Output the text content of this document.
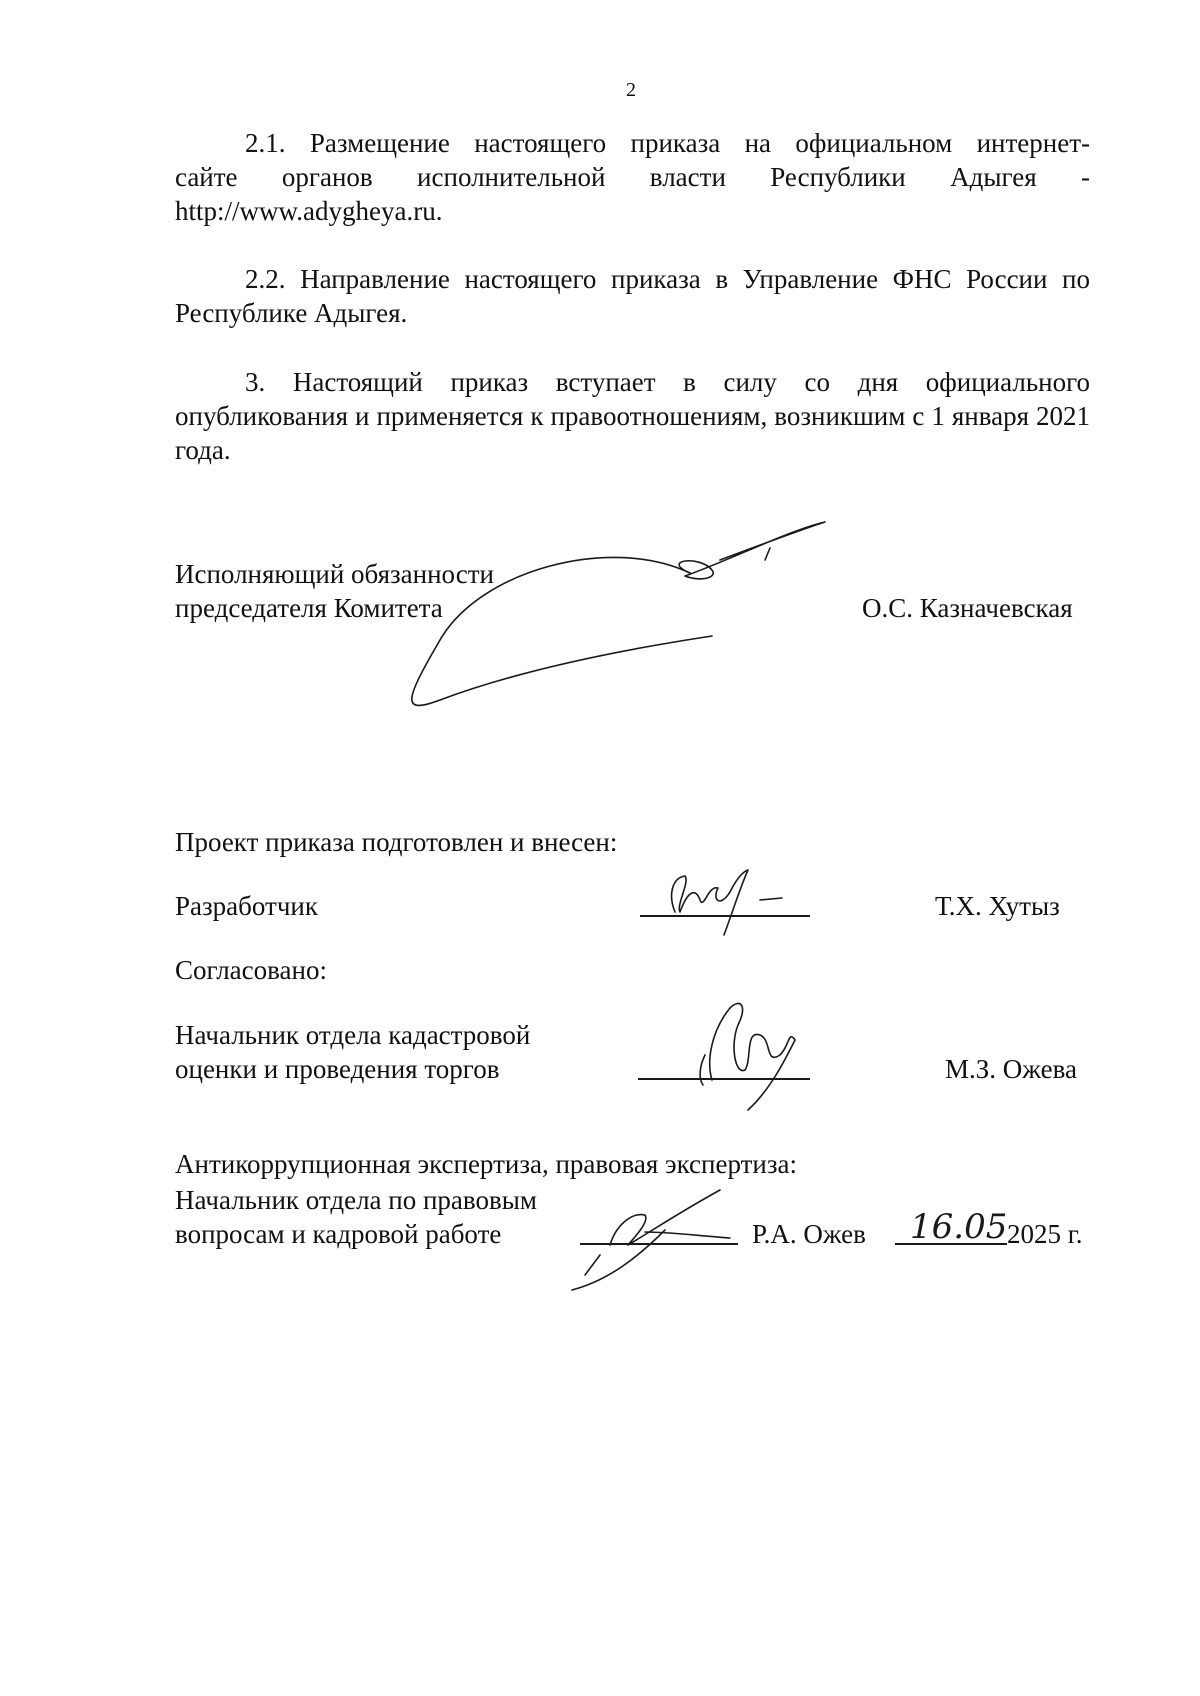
2
2.1. Размещение настоящего приказа на официальном интернет-
сайте органов исполнительной власти Республики Адыгея -
http://www.adygheya.ru.
2.2. Направление настоящего приказа в Управление ФНС России по Республике Адыгея.
3. Настоящий приказ вступает в силу со дня официального опубликования и применяется к правоотношениям, возникшим с 1 января 2021 года.
Исполняющий обязанности
председателя Комитета	О.С. Казначевская
Проект приказа подготовлен и внесен:
Разработчик	Т.Х. Хутыз
Согласовано:
Начальник отдела кадастровой
оценки и проведения торгов	М.З. Ожева
Антикоррупционная экспертиза, правовая экспертиза:
Начальник отдела по правовым
вопросам и кадровой работе	Р.А. Ожев 16.05 2025 г.
